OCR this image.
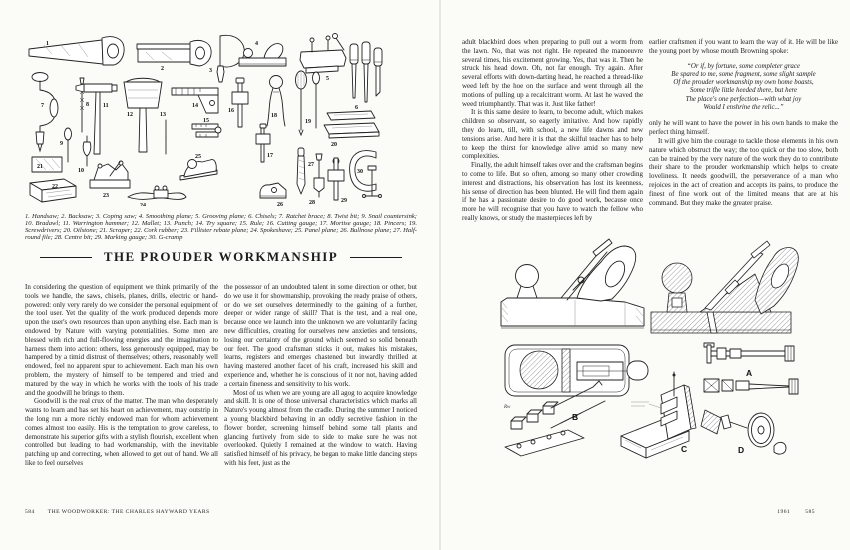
1
2	3
4
5
6
7	8
9
10
11
12	13
14
15
16
17
18
19
20
21
22
23
24
25
26
27
28	29
30

1. Handsaw; 2. Backsaw; 3. Coping saw; 4. Smoothing plane; 5. Grooving plane; 6. Chisels; 7. Ratchet brace; 8. Twist bit; 9. Snail countersink; 10. Bradawl; 11. Warrington hammer; 12. Mallet; 13. Punch; 14. Try square; 15. Rule; 16. Cutting gauge; 17. Mortise gauge; 18. Pincers; 19. Screwdrivers; 20. Oilstone; 21. Scraper; 22. Cork rubber; 23. Fillister rebate plane; 24. Spokeshave; 25. Panel plane; 26. Bullnose plane; 27. Half-round file; 28. Centre bit; 29. Marking gauge; 30. G-cramp

THE PROUDER WORKMANSHIP

In considering the question of equipment we think primarily of the tools we handle, the saws, chisels, planes, drills, electric or hand-powered: only very rarely do we consider the personal equipment of the tool user. Yet the quality of the work produced depends more upon the user's own resources than upon anything else. Each man is endowed by Nature with varying potentialities. Some men are blessed with rich and full-flowing energies and the imagination to harness them into action: others, less generously equipped, may be hampered by a timid distrust of themselves; others, reasonably well endowed, feel no apparent spur to achievement. Each man his own problem, the mystery of himself to be tempered and tried and matured by the way in which he works with the tools of his trade and the goodwill he brings to them.

Goodwill is the real crux of the matter. The man who desperately wants to learn and has set his heart on achievement, may outstrip in the long run a more richly endowed man for whom achievement comes almost too easily. His is the temptation to grow careless, to demonstrate his superior gifts with a stylish flourish, excellent when controlled but leading to bad workmanship, with the inevitable patching up and correcting, when allowed to get out of hand. We all like to feel ourselves

the possessor of an undoubted talent in some direction or other, but do we use it for showmanship, provoking the ready praise of others, or do we set ourselves determinedly to the gaining of a further, deeper or wider range of skill? That is the test, and a real one, because once we launch into the unknown we are voluntarily facing new difficulties, creating for ourselves new anxieties and tensions, losing our certainty of the ground which seemed so solid beneath our feet. The good craftsman sticks it out, makes his mistakes, learns, registers and emerges chastened but inwardly thrilled at having mastered another facet of his craft, increased his skill and experience and, whether he is conscious of it nor not, having added a certain fineness and sensitivity to his work.

Most of us when we are young are all agog to acquire knowledge and skill. It is one of those universal characteristics which marks all Nature's young almost from the cradle. During the summer I noticed a young blackbird behaving in an oddly secretive fashion in the flower border, screening himself behind some tall plants and glancing furtively from side to side to make sure he was not overlooked. Quietly I remained at the window to watch. Having satisfied himself of his privacy, he began to make little dancing steps with his feet, just as the

584 THE WOODWORKER: THE CHARLES HAYWARD YEARS

adult blackbird does when preparing to pull out a worm from the lawn. No, that was not right. He repeated the manoeuvre several times, his excitement growing. Yes, that was it. Then he struck his head down. Oh, not far enough. Try again. After several efforts with down-darting head, he reached a thread-like weed left by the hoe on the surface and went through all the motions of pulling up a recalcitrant worm. At last he waved the weed triumphantly. That was it. Just like father!

It is this same desire to learn, to become adult, which makes children so observant, so eagerly imitative. And how rapidly they do learn, till, with school, a new life dawns and new tensions arise. And here it is that the skilful teacher has to help to keep the thirst for knowledge alive amid so many new complexities.

Finally, the adult himself takes over and the craftsman begins to come to life. But so often, among so many other crowding interest and distractions, his observation has lost its keenness, his sense of direction has been blunted. He will find them again if he has a passionate desire to do good work, because once more he will recognise that you have to watch the fellow who really knows, or study the masterpieces left by

earlier craftsmen if you want to learn the way of it. He will be like the young poet by whose mouth Browning spoke:

“Or if, by fortune, some completer grace
Be spared to me, some fragment, some slight sample
Of the prouder workmanship my own home boasts,
Some trifle little heeded there, but here
The place's one perfection—with what joy
Would I enshrine the relic...”

only he will want to have the power in his own hands to make the perfect thing himself.

It will give him the courage to tackle those elements in his own nature which obstruct the way; the too quick or the too slow, both can be trained by the very nature of the work they do to contribute their share to the prouder workmanship which helps to create loveliness. It needs goodwill, the perseverance of a man who rejoices in the act of creation and accepts its pains, to produce the finest of fine work out of the limited means that are at his command. But they make the greater praise.

A
Rw
B
C	D
1961	585
